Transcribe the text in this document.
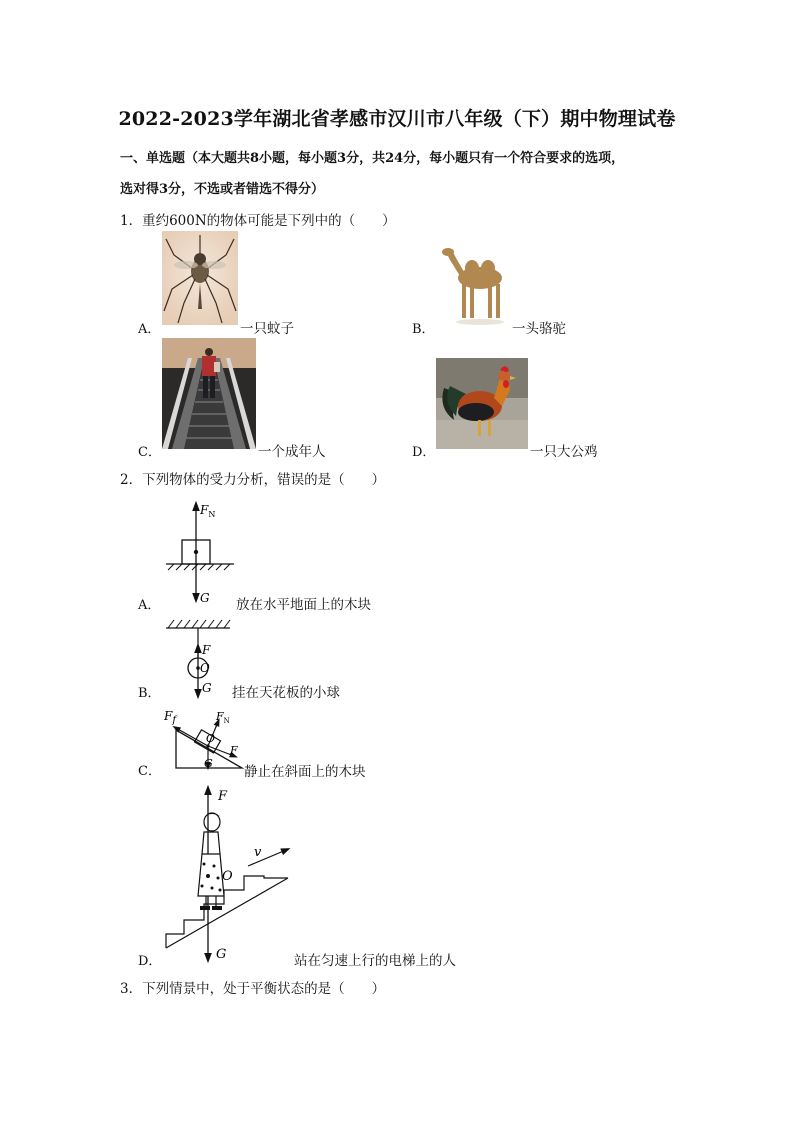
2022-2023学年湖北省孝感市汉川市八年级（下）期中物理试卷
一、单选题（本大题共8小题，每小题3分，共24分，每小题只有一个符合要求的选项，
选对得3分，不选或者错选不得分）
1．重约600N的物体可能是下列中的（　　）
A．	一只蚊子	B．	一头骆驼
C．	一个成年人	D．	一只大公鸡
2．下列物体的受力分析，错误的是（　　）
A．
$F_N$
G 放在水平地面上的木块
B．
F
O
G 挂在天花板的小球
C．
$F_f$	$F_N$
O
F
G
静止在斜面上的木块
D．
F
O
v
G	站在匀速上行的电梯上的人
3．下列情景中，处于平衡状态的是（　　）
